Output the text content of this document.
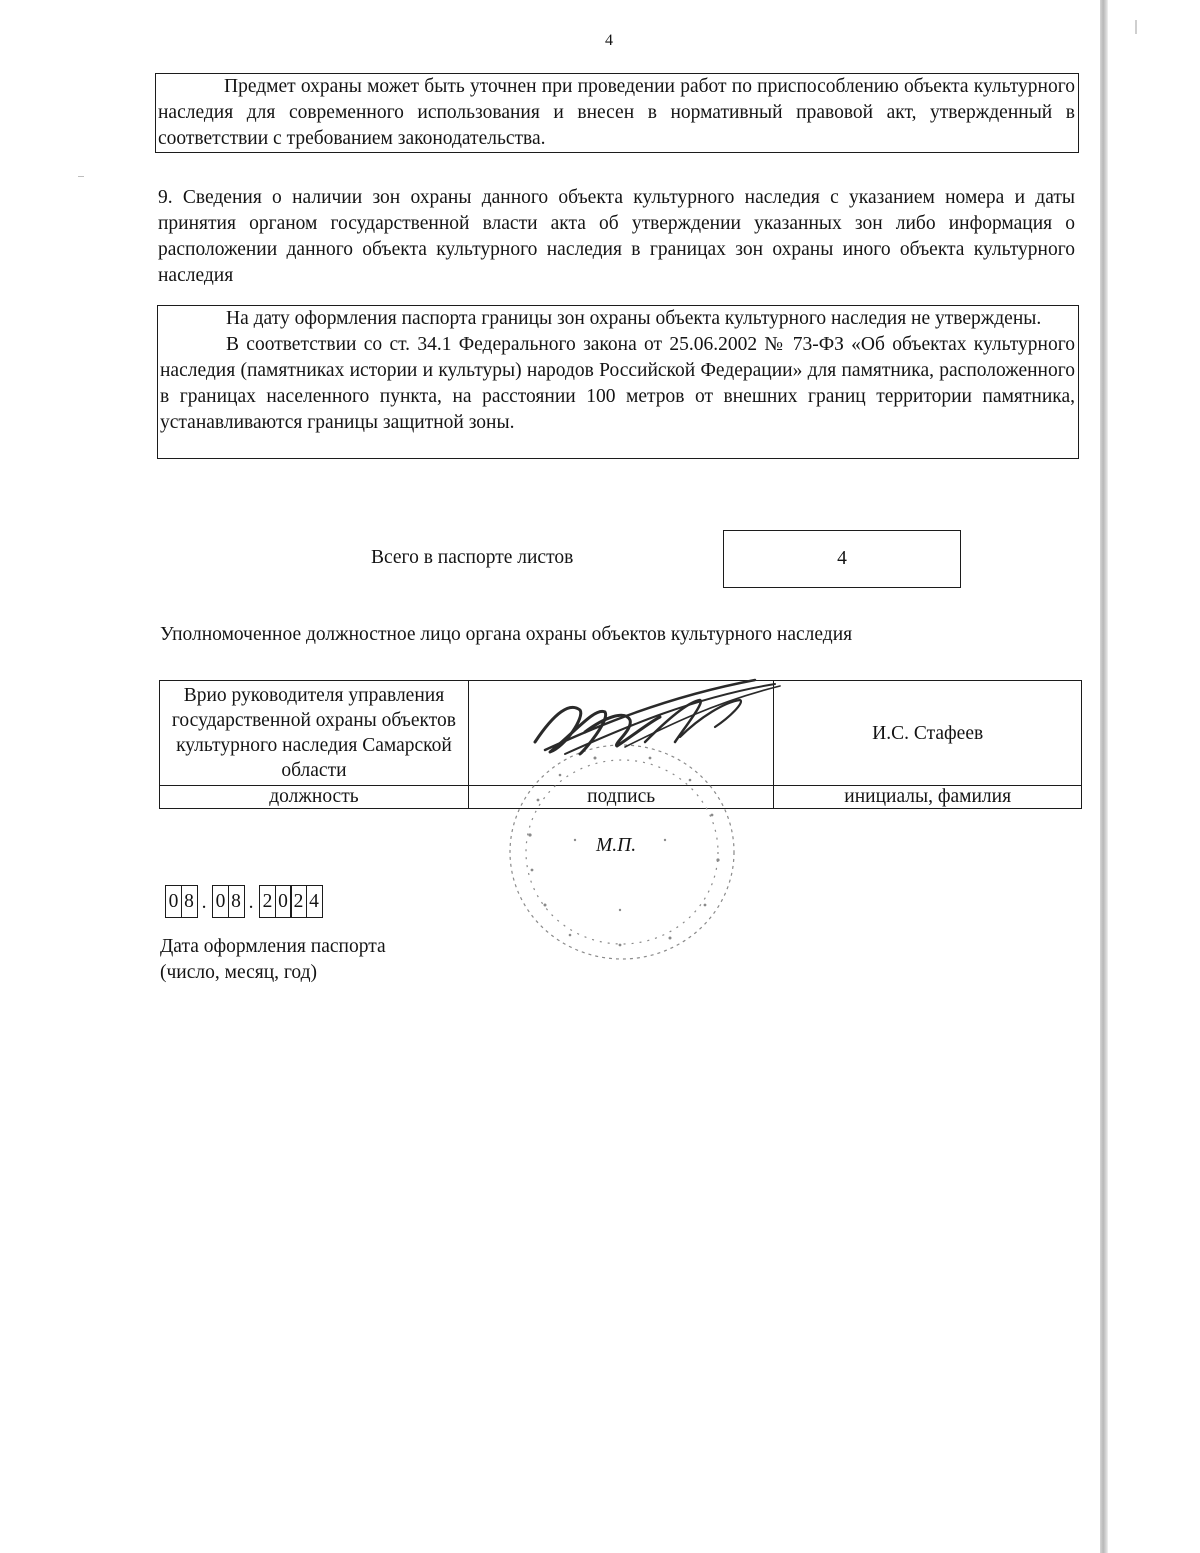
4

Предмет охраны может быть уточнен при проведении работ по приспособлению объекта культурного наследия для современного использования и внесен в нормативный правовой акт, утвержденный в соответствии с требованием законодательства.

9. Сведения о наличии зон охраны данного объекта культурного наследия с указанием номера и даты принятия органом государственной власти акта об утверждении указанных зон либо информация о расположении данного объекта культурного наследия в границах зон охраны иного объекта культурного наследия

На дату оформления паспорта границы зон охраны объекта культурного наследия не утверждены.

В соответствии со ст. 34.1 Федерального закона от 25.06.2002 № 73-ФЗ «Об объектах культурного наследия (памятниках истории и культуры) народов Российской Федерации» для памятника, расположенного в границах населенного пункта, на расстоянии 100 метров от внешних границ территории памятника, устанавливаются границы защитной зоны.

Всего в паспорте листов	4
Уполномоченное должностное лицо органа охраны объектов культурного наследия
Врио руководителя управления государственной охраны объектов культурного наследия Самарской области		И.С. Стафеев
должность	подпись	инициалы, фамилия
М.П.
0 8 . 0 8 . 2 0 2 4
Дата оформления паспорта
(число, месяц, год)
